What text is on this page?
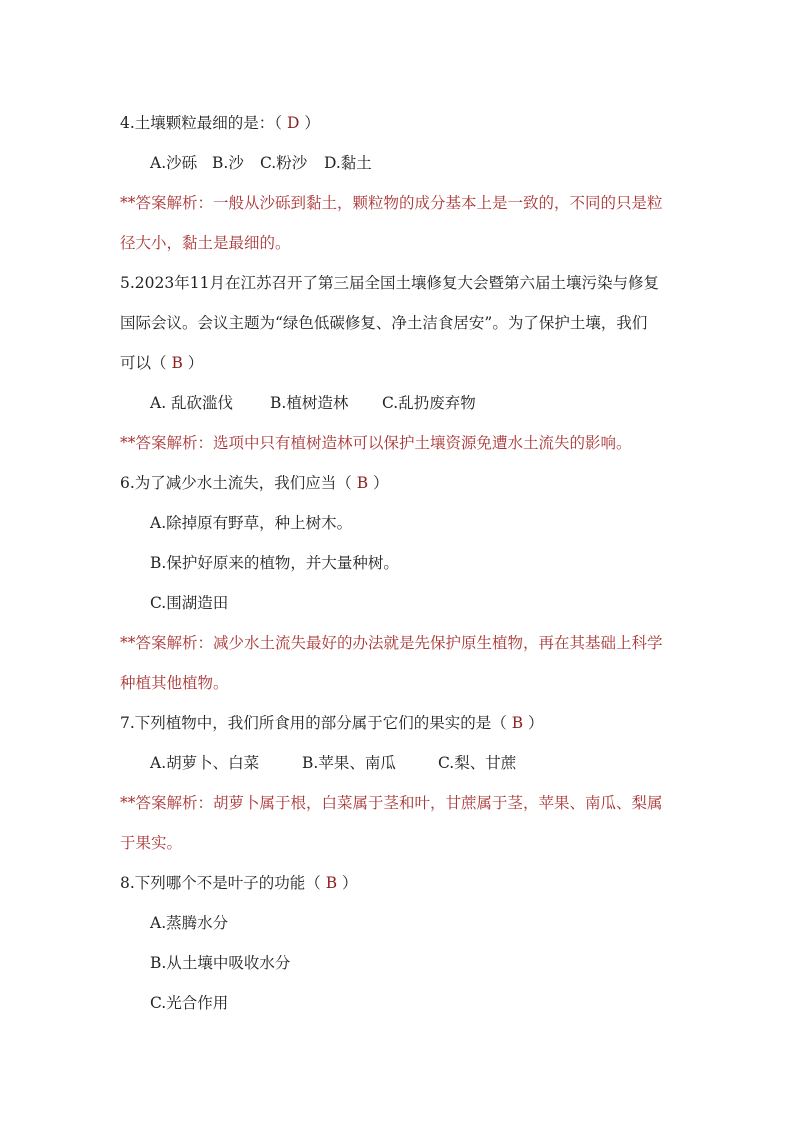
4.土壤颗粒最细的是：（ D ）
A.沙砾 B.沙 C.粉沙 D.黏土
**答案解析：一般从沙砾到黏土，颗粒物的成分基本上是一致的，不同的只是粒
径大小，黏土是最细的。
5.2023年11月在江苏召开了第三届全国土壤修复大会暨第六届土壤污染与修复
国际会议。会议主题为“绿色低碳修复、净土洁食居安”。为了保护土壤，我们
可以（ B ）
A. 乱砍滥伐 B.植树造林 C.乱扔废弃物
**答案解析：选项中只有植树造林可以保护土壤资源免遭水土流失的影响。
6.为了减少水土流失，我们应当（ B ）
A.除掉原有野草，种上树木。
B.保护好原来的植物，并大量种树。
C.围湖造田
**答案解析：减少水土流失最好的办法就是先保护原生植物，再在其基础上科学
种植其他植物。
7.下列植物中，我们所食用的部分属于它们的果实的是（ B ）
A.胡萝卜、白菜	B.苹果、南瓜	C.梨、甘蔗
**答案解析：胡萝卜属于根，白菜属于茎和叶，甘蔗属于茎，苹果、南瓜、梨属
于果实。
8.下列哪个不是叶子的功能（ B ）
A.蒸腾水分
B.从土壤中吸收水分
C.光合作用
